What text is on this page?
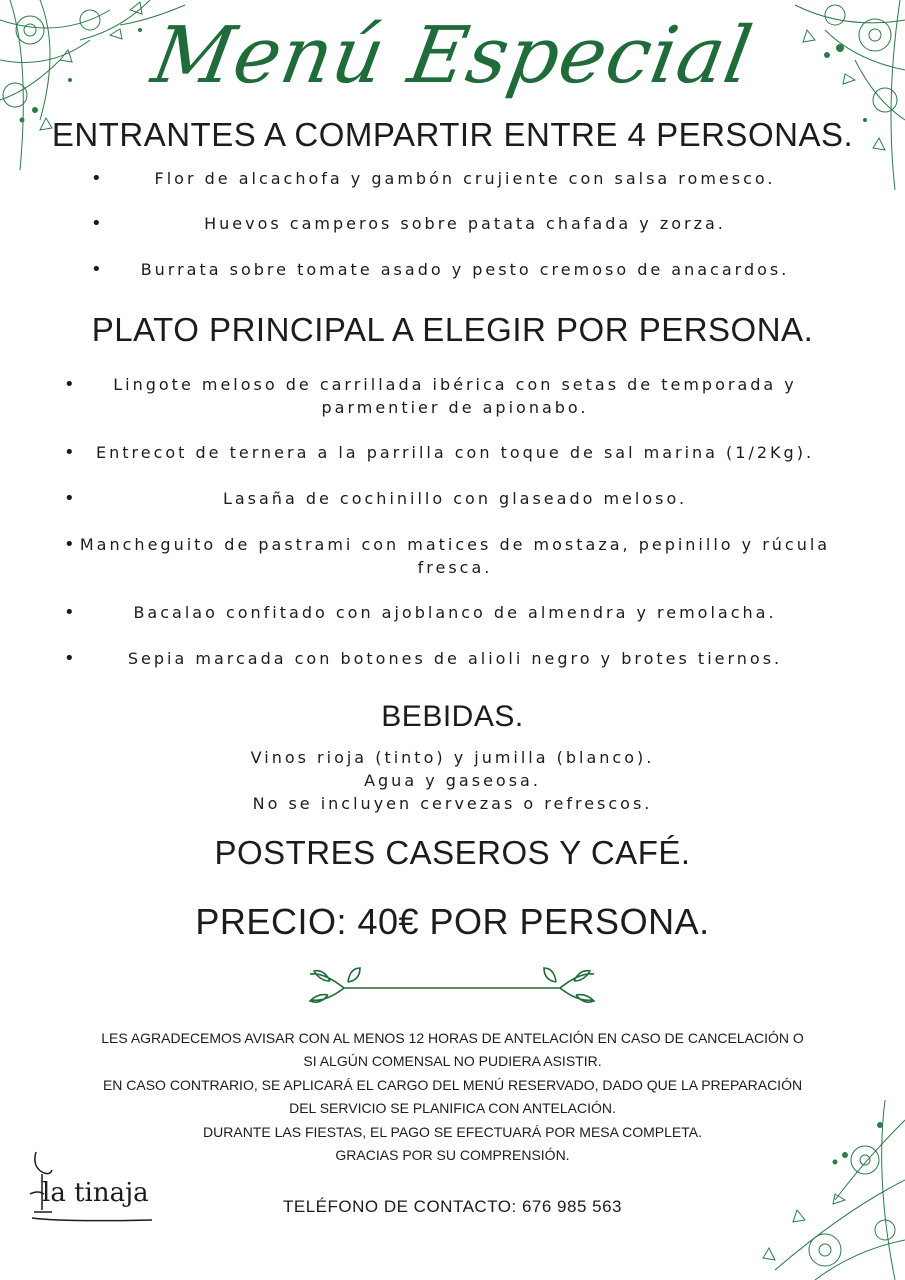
Menú Especial
ENTRANTES A COMPARTIR ENTRE 4 PERSONAS.
•	Flor de alcachofa y gambón crujiente con salsa romesco.
•	Huevos camperos sobre patata chafada y zorza.
• Burrata sobre tomate asado y pesto cremoso de anacardos.
PLATO PRINCIPAL A ELEGIR POR PERSONA.
• Lingote meloso de carrillada ibérica con setas de temporada y parmentier de apionabo.
• Entrecot de ternera a la parrilla con toque de sal marina (1/2Kg).
•	Lasaña de cochinillo con glaseado meloso.
• Mancheguito de pastrami con matices de mostaza, pepinillo y rúcula fresca.
•	Bacalao confitado con ajoblanco de almendra y remolacha.
•	Sepia marcada con botones de alioli negro y brotes tiernos.
BEBIDAS.
Vinos rioja (tinto) y jumilla (blanco).
Agua y gaseosa.
No se incluyen cervezas o refrescos.
POSTRES CASEROS Y CAFÉ.
PRECIO: 40€ POR PERSONA.
LES AGRADECEMOS AVISAR CON AL MENOS 12 HORAS DE ANTELACIÓN EN CASO DE CANCELACIÓN O
SI ALGÚN COMENSAL NO PUDIERA ASISTIR.
EN CASO CONTRARIO, SE APLICARÁ EL CARGO DEL MENÚ RESERVADO, DADO QUE LA PREPARACIÓN
DEL SERVICIO SE PLANIFICA CON ANTELACIÓN.
DURANTE LAS FIESTAS, EL PAGO SE EFECTUARÁ POR MESA COMPLETA.
GRACIAS POR SU COMPRENSIÓN.
TELÉFONO DE CONTACTO: 676 985 563
la tinaja
